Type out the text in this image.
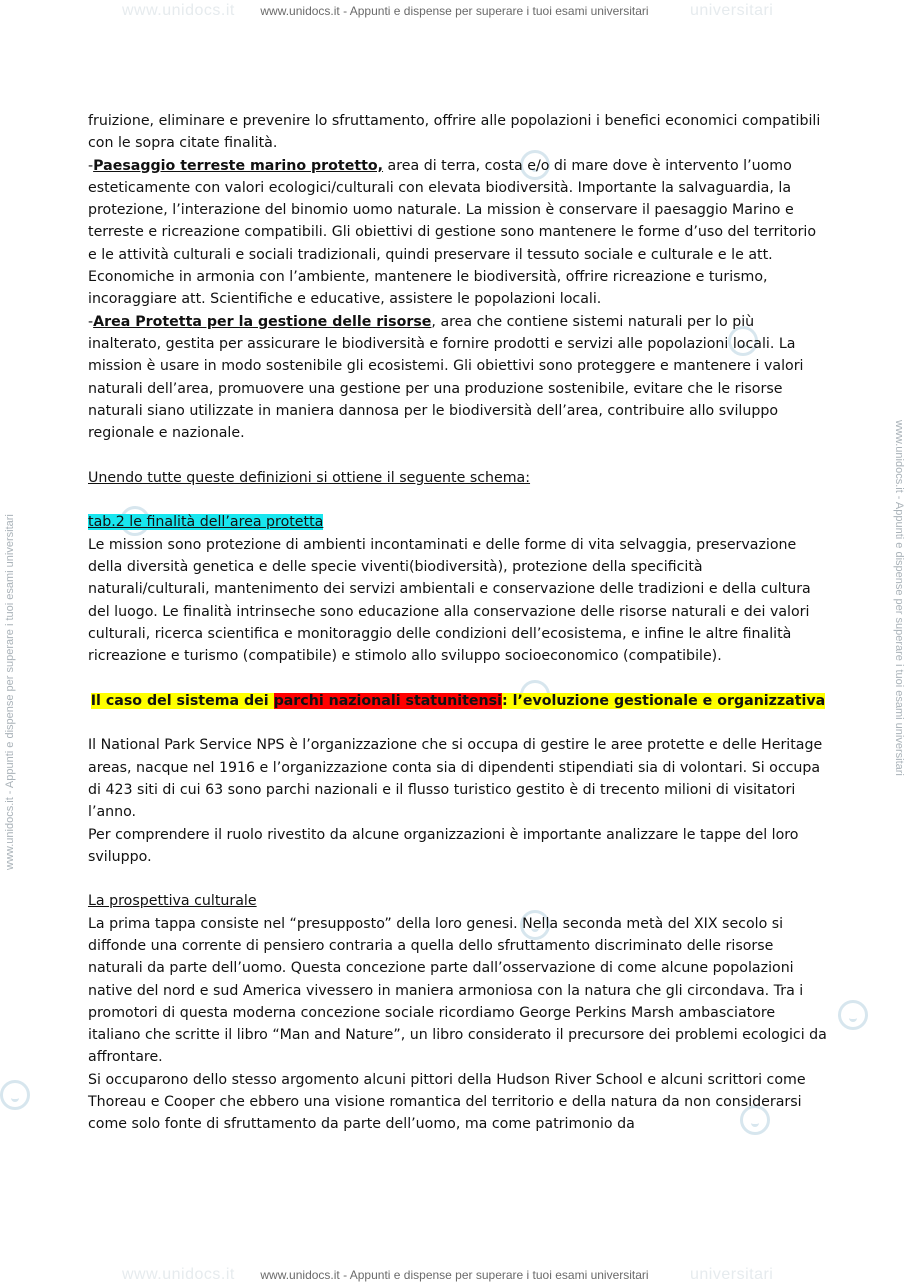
www.unidocs.it	universitari
www.unidocs.it	universitari
www.unidocs.it - Appunti e dispense per superare i tuoi esami universitari
www.unidocs.it - Appunti e dispense per superare i tuoi esami universitari
www.unidocs.it - Appunti e dispense per superare i tuoi esami universitari	www.unidocs.it - Appunti e dispense per superare i tuoi esami universitari

fruizione, eliminare e prevenire lo sfruttamento, offrire alle popolazioni i benefici economici compatibili con le sopra citate finalità.

-Paesaggio terreste marino protetto, area di terra, costa e/o di mare dove è intervento l’uomo esteticamente con valori ecologici/culturali con elevata biodiversità. Importante la salvaguardia, la protezione, l’interazione del binomio uomo naturale. La mission è conservare il paesaggio Marino e terreste e ricreazione compatibili. Gli obiettivi di gestione sono mantenere le forme d’uso del territorio e le attività culturali e sociali tradizionali, quindi preservare il tessuto sociale e culturale e le att. Economiche in armonia con l’ambiente, mantenere le biodiversità, offrire ricreazione e turismo, incoraggiare att. Scientifiche e educative, assistere le popolazioni locali.

-Area Protetta per la gestione delle risorse, area che contiene sistemi naturali per lo più inalterato, gestita per assicurare le biodiversità e fornire prodotti e servizi alle popolazioni locali. La mission è usare in modo sostenibile gli ecosistemi. Gli obiettivi sono proteggere e mantenere i valori naturali dell’area, promuovere una gestione per una produzione sostenibile, evitare che le risorse naturali siano utilizzate in maniera dannosa per le biodiversità dell’area, contribuire allo sviluppo regionale e nazionale.

Unendo tutte queste definizioni si ottiene il seguente schema:

tab.2 le finalità dell’area protetta

Le mission sono protezione di ambienti incontaminati e delle forme di vita selvaggia, preservazione della diversità genetica e delle specie viventi(biodiversità), protezione della specificità naturali/culturali, mantenimento dei servizi ambientali e conservazione delle tradizioni e della cultura del luogo. Le finalità intrinseche sono educazione alla conservazione delle risorse naturali e dei valori culturali, ricerca scientifica e monitoraggio delle condizioni dell’ecosistema, e infine le altre finalità ricreazione e turismo (compatibile) e stimolo allo sviluppo socioeconomico (compatibile).

Il caso del sistema dei parchi nazionali statunitensi: l’evoluzione gestionale e organizzativa

Il National Park Service NPS è l’organizzazione che si occupa di gestire le aree protette e delle Heritage areas, nacque nel 1916 e l’organizzazione conta sia di dipendenti stipendiati sia di volontari. Si occupa di 423 siti di cui 63 sono parchi nazionali e il flusso turistico gestito è di trecento milioni di visitatori l’anno.

Per comprendere il ruolo rivestito da alcune organizzazioni è importante analizzare le tappe del loro sviluppo.

La prospettiva culturale

La prima tappa consiste nel “presupposto” della loro genesi. Nella seconda metà del XIX secolo si diffonde una corrente di pensiero contraria a quella dello sfruttamento discriminato delle risorse naturali da parte dell’uomo. Questa concezione parte dall’osservazione di come alcune popolazioni native del nord e sud America vivessero in maniera armoniosa con la natura che gli circondava. Tra i promotori di questa moderna concezione sociale ricordiamo George Perkins Marsh ambasciatore italiano che scritte il libro “Man and Nature”, un libro considerato il precursore dei problemi ecologici da affrontare.

Si occuparono dello stesso argomento alcuni pittori della Hudson River School e alcuni scrittori come Thoreau e Cooper che ebbero una visione romantica del territorio e della natura da non considerarsi come solo fonte di sfruttamento da parte dell’uomo, ma come patrimonio da
